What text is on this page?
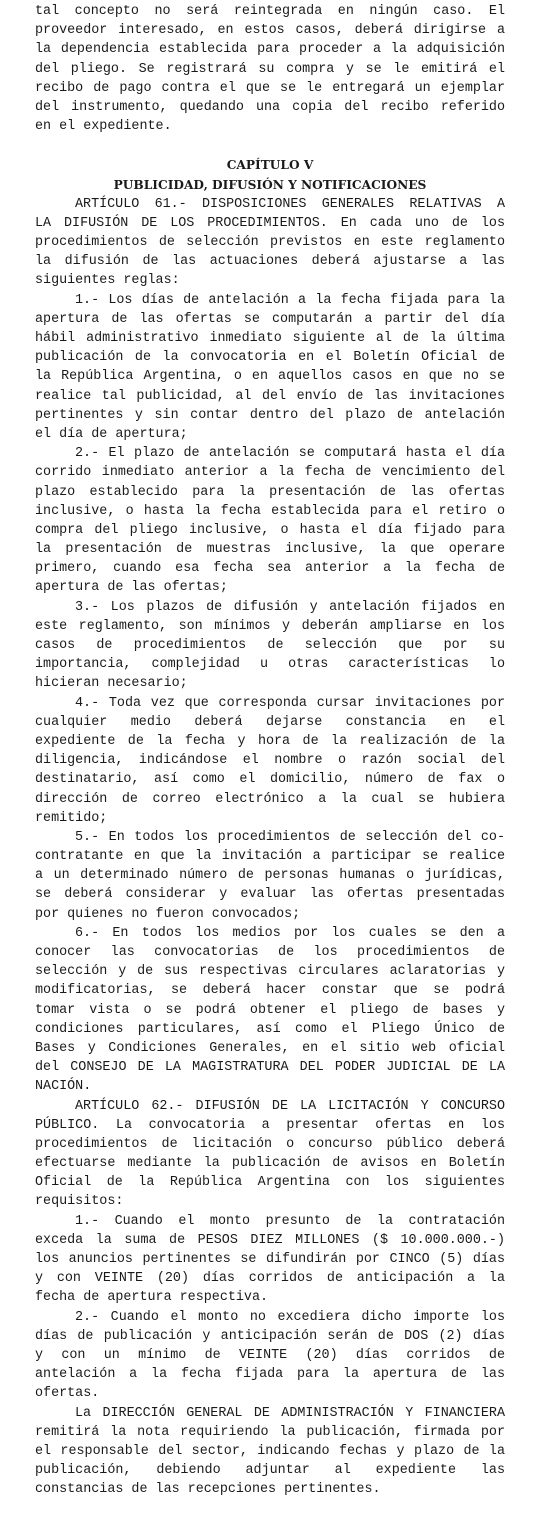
tal concepto no será reintegrada en ningún caso. El
proveedor interesado, en estos casos, deberá dirigirse a
la dependencia establecida para proceder a la adquisición
del pliego. Se registrará su compra y se le emitirá el
recibo de pago contra el que se le entregará un ejemplar
del instrumento, quedando una copia del recibo referido
en el expediente.
CAPÍTULO V
PUBLICIDAD, DIFUSIÓN Y NOTIFICACIONES
ARTÍCULO 61.- DISPOSICIONES GENERALES RELATIVAS A
LA DIFUSIÓN DE LOS PROCEDIMIENTOS. En cada uno de los
procedimientos de selección previstos en este reglamento
la difusión de las actuaciones deberá ajustarse a las
siguientes reglas:
1.- Los días de antelación a la fecha fijada para la
apertura de las ofertas se computarán a partir del día
hábil administrativo inmediato siguiente al de la última
publicación de la convocatoria en el Boletín Oficial de
la República Argentina, o en aquellos casos en que no se
realice tal publicidad, al del envío de las invitaciones
pertinentes y sin contar dentro del plazo de antelación
el día de apertura;
2.- El plazo de antelación se computará hasta el día
corrido inmediato anterior a la fecha de vencimiento del
plazo establecido para la presentación de las ofertas
inclusive, o hasta la fecha establecida para el retiro o
compra del pliego inclusive, o hasta el día fijado para
la presentación de muestras inclusive, la que operare
primero, cuando esa fecha sea anterior a la fecha de
apertura de las ofertas;
3.- Los plazos de difusión y antelación fijados en
este reglamento, son mínimos y deberán ampliarse en los
casos de procedimientos de selección que por su
importancia, complejidad u otras características lo
hicieran necesario;
4.- Toda vez que corresponda cursar invitaciones por
cualquier medio deberá dejarse constancia en el
expediente de la fecha y hora de la realización de la
diligencia, indicándose el nombre o razón social del
destinatario, así como el domicilio, número de fax o
dirección de correo electrónico a la cual se hubiera
remitido;
5.- En todos los procedimientos de selección del co-
contratante en que la invitación a participar se realice
a un determinado número de personas humanas o jurídicas,
se deberá considerar y evaluar las ofertas presentadas
por quienes no fueron convocados;
6.- En todos los medios por los cuales se den a
conocer las convocatorias de los procedimientos de
selección y de sus respectivas circulares aclaratorias y
modificatorias, se deberá hacer constar que se podrá
tomar vista o se podrá obtener el pliego de bases y
condiciones particulares, así como el Pliego Único de
Bases y Condiciones Generales, en el sitio web oficial
del CONSEJO DE LA MAGISTRATURA DEL PODER JUDICIAL DE LA
NACIÓN.
ARTÍCULO 62.- DIFUSIÓN DE LA LICITACIÓN Y CONCURSO
PÚBLICO. La convocatoria a presentar ofertas en los
procedimientos de licitación o concurso público deberá
efectuarse mediante la publicación de avisos en Boletín
Oficial de la República Argentina con los siguientes
requisitos:
1.- Cuando el monto presunto de la contratación
exceda la suma de PESOS DIEZ MILLONES ($ 10.000.000.-)
los anuncios pertinentes se difundirán por CINCO (5) días
y con VEINTE (20) días corridos de anticipación a la
fecha de apertura respectiva.
2.- Cuando el monto no excediera dicho importe los
días de publicación y anticipación serán de DOS (2) días
y con un mínimo de VEINTE (20) días corridos de
antelación a la fecha fijada para la apertura de las
ofertas.
La DIRECCIÓN GENERAL DE ADMINISTRACIÓN Y FINANCIERA
remitirá la nota requiriendo la publicación, firmada por
el responsable del sector, indicando fechas y plazo de la
publicación, debiendo adjuntar al expediente las
constancias de las recepciones pertinentes.
